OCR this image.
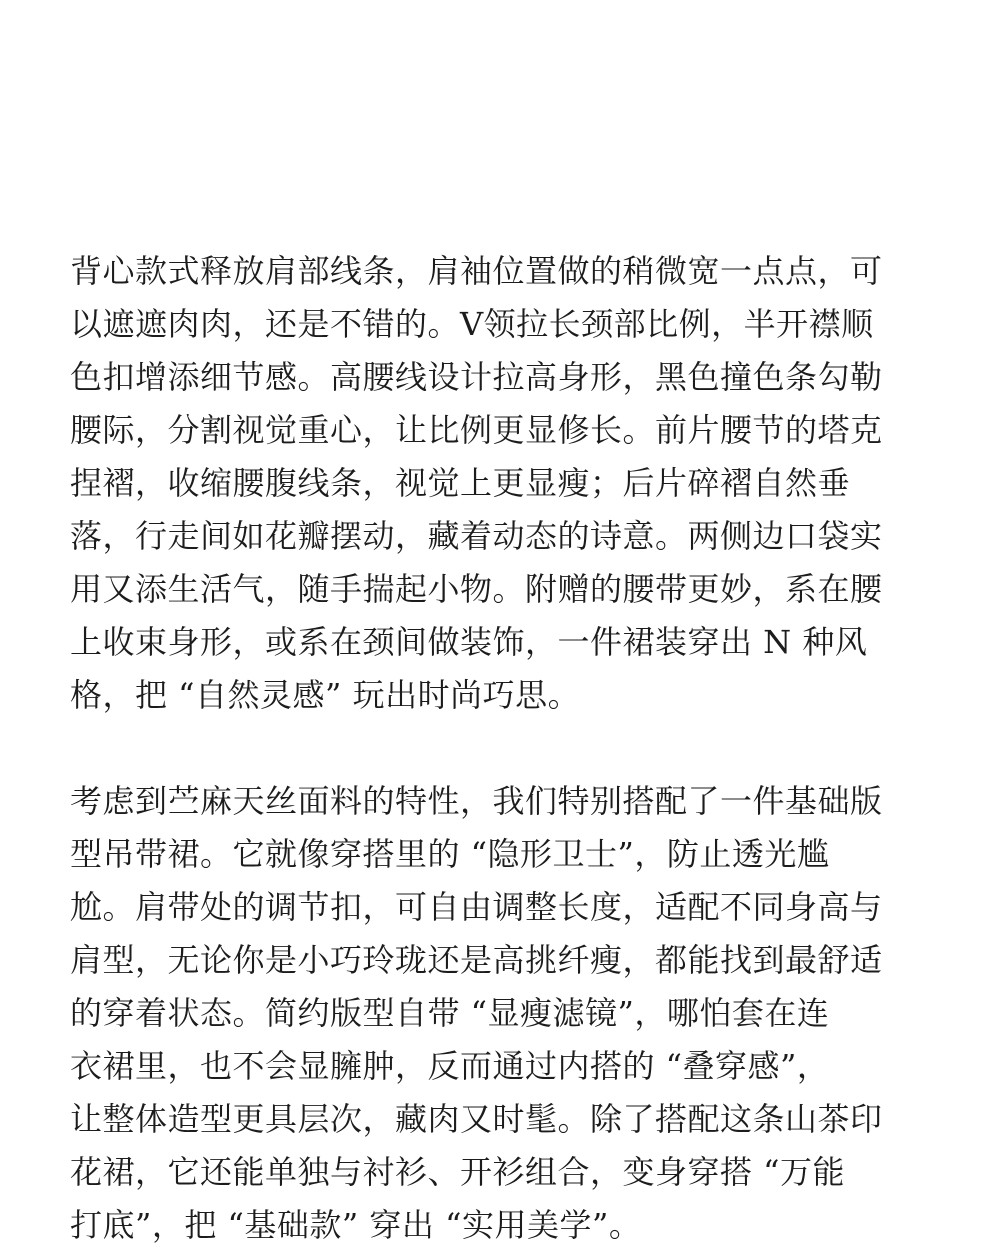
背心款式释放肩部线条，肩袖位置做的稍微宽一点点，可
以遮遮肉肉，还是不错的。V领拉长颈部比例，半开襟顺
色扣增添细节感。高腰线设计拉高身形，黑色撞色条勾勒
腰际，分割视觉重心，让比例更显修长。前片腰节的塔克
捏褶，收缩腰腹线条，视觉上更显瘦；后片碎褶自然垂
落，行走间如花瓣摆动，藏着动态的诗意。两侧边口袋实
用又添生活气，随手揣起小物。附赠的腰带更妙，系在腰
上收束身形，或系在颈间做装饰，一件裙装穿出 N 种风
格，把 “自然灵感” 玩出时尚巧思。
考虑到苎麻天丝面料的特性，我们特别搭配了一件基础版
型吊带裙。它就像穿搭里的 “隐形卫士”，防止透光尴
尬。肩带处的调节扣，可自由调整长度，适配不同身高与
肩型，无论你是小巧玲珑还是高挑纤瘦，都能找到最舒适
的穿着状态。简约版型自带 “显瘦滤镜”，哪怕套在连
衣裙里，也不会显臃肿，反而通过内搭的 “叠穿感”，
让整体造型更具层次，藏肉又时髦。除了搭配这条山茶印
花裙，它还能单独与衬衫、开衫组合，变身穿搭 “万能
打底”，把 “基础款” 穿出 “实用美学”。
